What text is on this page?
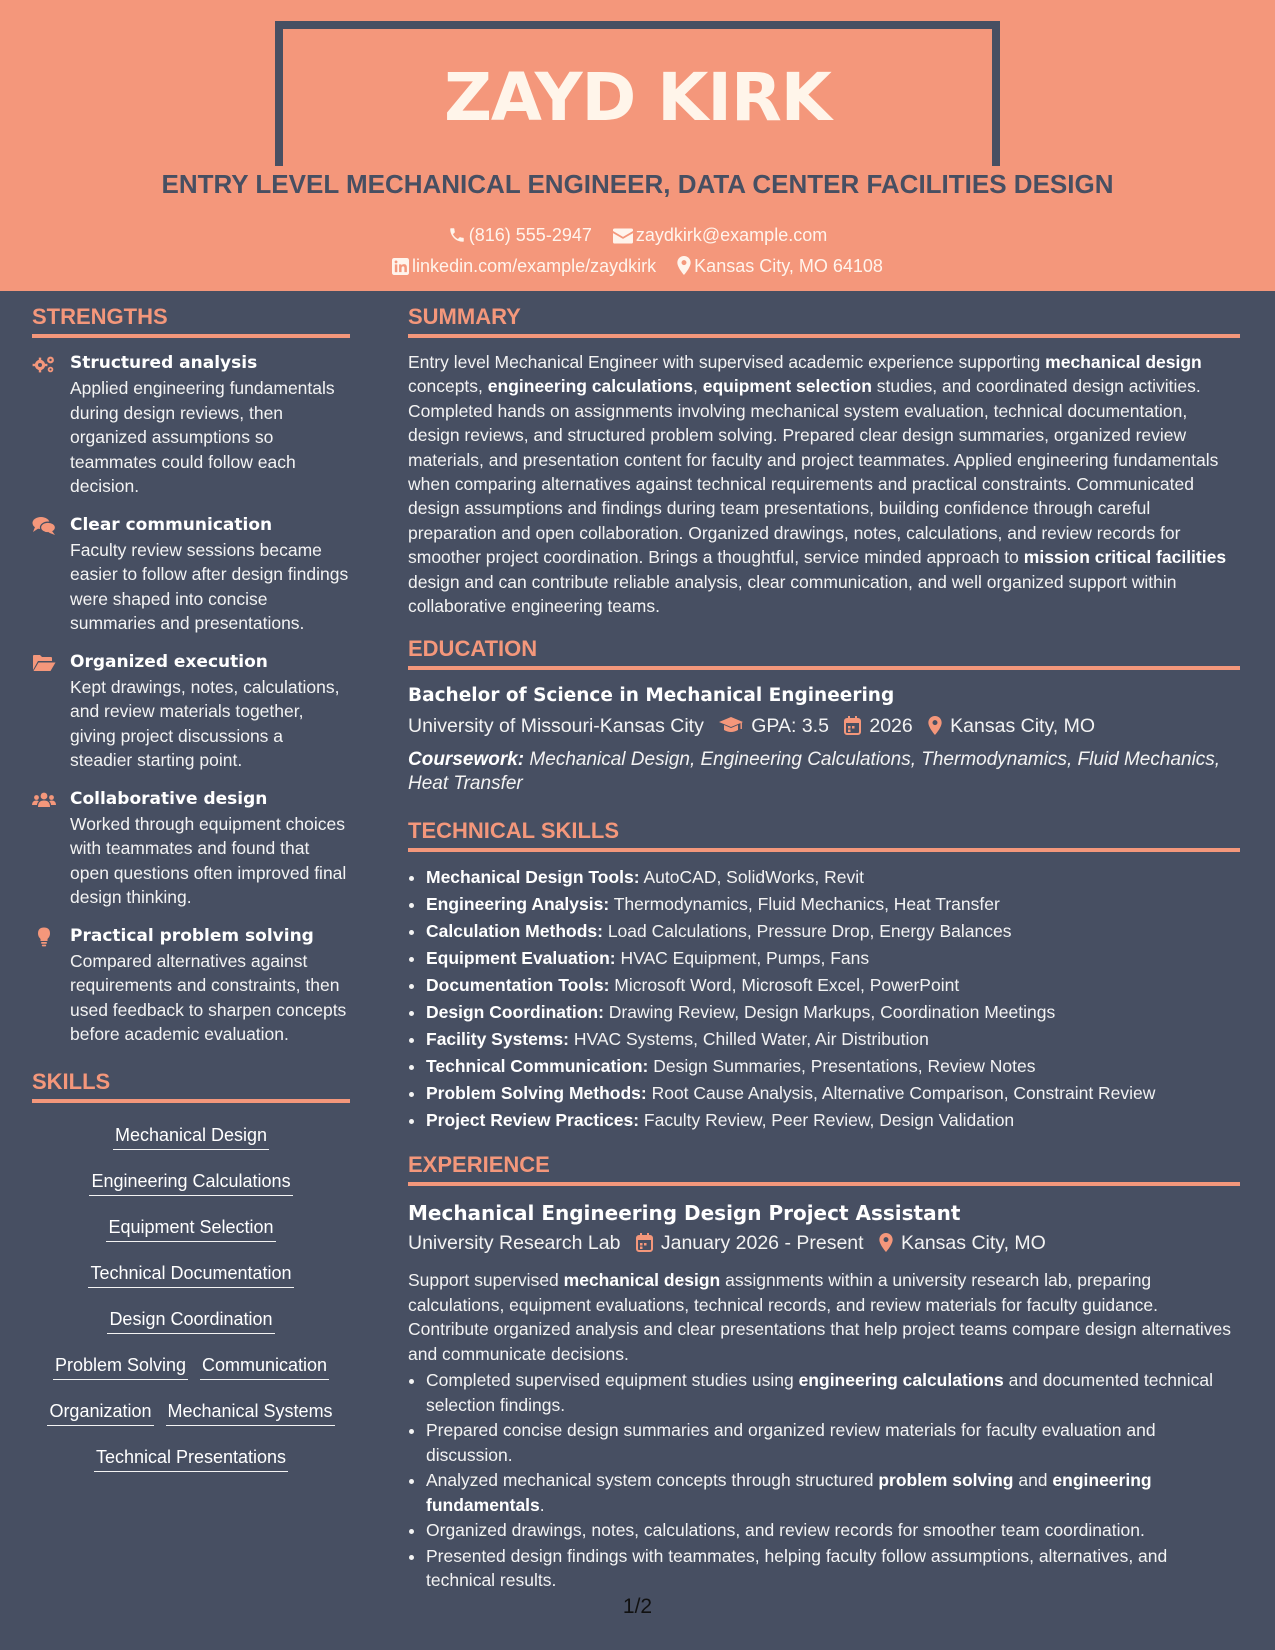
ZAYD KIRK
ENTRY LEVEL MECHANICAL ENGINEER, DATA CENTER FACILITIES DESIGN
(816) 555-2947 zaydkirk@example.com
linkedin.com/example/zaydkirk Kansas City, MO 64108
STRENGTHS
Structured analysis
Applied engineering fundamentals during design reviews, then organized assumptions so teammates could follow each decision.
Clear communication
Faculty review sessions became easier to follow after design findings were shaped into concise summaries and presentations.
Organized execution
Kept drawings, notes, calculations, and review materials together, giving project discussions a steadier starting point.
Collaborative design
Worked through equipment choices with teammates and found that open questions often improved final design thinking.
Practical problem solving
Compared alternatives against requirements and constraints, then used feedback to sharpen concepts before academic evaluation.
SKILLS
Mechanical Design
Engineering Calculations
Equipment Selection
Technical Documentation
Design Coordination
Problem Solving Communication
Organization Mechanical Systems
Technical Presentations
SUMMARY
Entry level Mechanical Engineer with supervised academic experience supporting mechanical design concepts, engineering calculations, equipment selection studies, and coordinated design activities. Completed hands on assignments involving mechanical system evaluation, technical documentation, design reviews, and structured problem solving. Prepared clear design summaries, organized review materials, and presentation content for faculty and project teammates. Applied engineering fundamentals when comparing alternatives against technical requirements and practical constraints. Communicated design assumptions and findings during team presentations, building confidence through careful preparation and open collaboration. Organized drawings, notes, calculations, and review records for smoother project coordination. Brings a thoughtful, service minded approach to mission critical facilities design and can contribute reliable analysis, clear communication, and well organized support within collaborative engineering teams.
EDUCATION
Bachelor of Science in Mechanical Engineering
University of Missouri-Kansas City GPA: 3.5 2026 Kansas City, MO
Coursework: Mechanical Design, Engineering Calculations, Thermodynamics, Fluid Mechanics, Heat Transfer
TECHNICAL SKILLS
• Mechanical Design Tools: AutoCAD, SolidWorks, Revit
• Engineering Analysis: Thermodynamics, Fluid Mechanics, Heat Transfer
• Calculation Methods: Load Calculations, Pressure Drop, Energy Balances
• Equipment Evaluation: HVAC Equipment, Pumps, Fans
• Documentation Tools: Microsoft Word, Microsoft Excel, PowerPoint
• Design Coordination: Drawing Review, Design Markups, Coordination Meetings
• Facility Systems: HVAC Systems, Chilled Water, Air Distribution
• Technical Communication: Design Summaries, Presentations, Review Notes
• Problem Solving Methods: Root Cause Analysis, Alternative Comparison, Constraint Review
• Project Review Practices: Faculty Review, Peer Review, Design Validation
EXPERIENCE
Mechanical Engineering Design Project Assistant
University Research Lab January 2026 - Present Kansas City, MO
Support supervised mechanical design assignments within a university research lab, preparing calculations, equipment evaluations, technical records, and review materials for faculty guidance. Contribute organized analysis and clear presentations that help project teams compare design alternatives and communicate decisions.
• Completed supervised equipment studies using engineering calculations and documented technical selection findings.
• Prepared concise design summaries and organized review materials for faculty evaluation and discussion.
• Analyzed mechanical system concepts through structured problem solving and engineering fundamentals.
• Organized drawings, notes, calculations, and review records for smoother team coordination.
• Presented design findings with teammates, helping faculty follow assumptions, alternatives, and technical results.
1/2
